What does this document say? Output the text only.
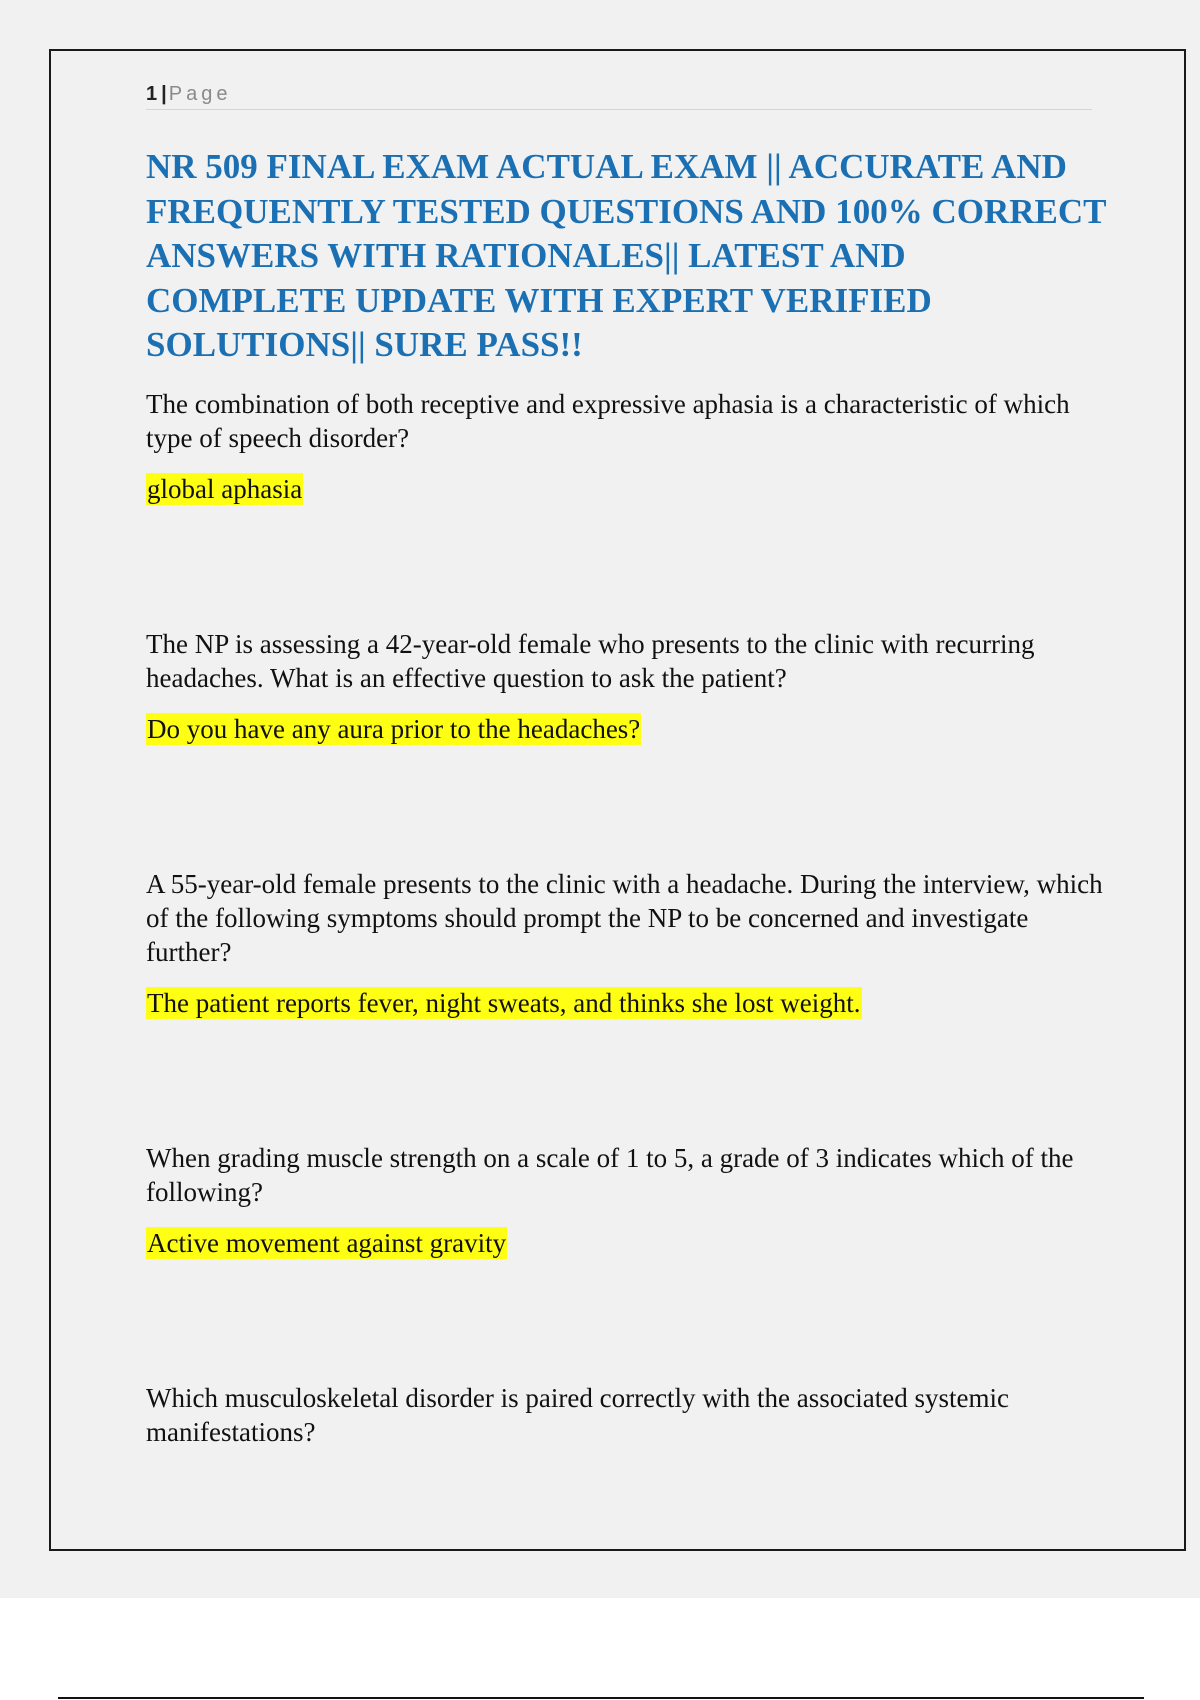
1 | Page
NR 509 FINAL EXAM ACTUAL EXAM || ACCURATE AND FREQUENTLY TESTED QUESTIONS AND 100% CORRECT ANSWERS WITH RATIONALES|| LATEST AND COMPLETE UPDATE WITH EXPERT VERIFIED SOLUTIONS|| SURE PASS!!

The combination of both receptive and expressive aphasia is a characteristic of which type of speech disorder?

global aphasia

The NP is assessing a 42-year-old female who presents to the clinic with recurring headaches. What is an effective question to ask the patient?

Do you have any aura prior to the headaches?

A 55-year-old female presents to the clinic with a headache. During the interview, which of the following symptoms should prompt the NP to be concerned and investigate further?

The patient reports fever, night sweats, and thinks she lost weight.

When grading muscle strength on a scale of 1 to 5, a grade of 3 indicates which of the following?

Active movement against gravity

Which musculoskeletal disorder is paired correctly with the associated systemic manifestations?
